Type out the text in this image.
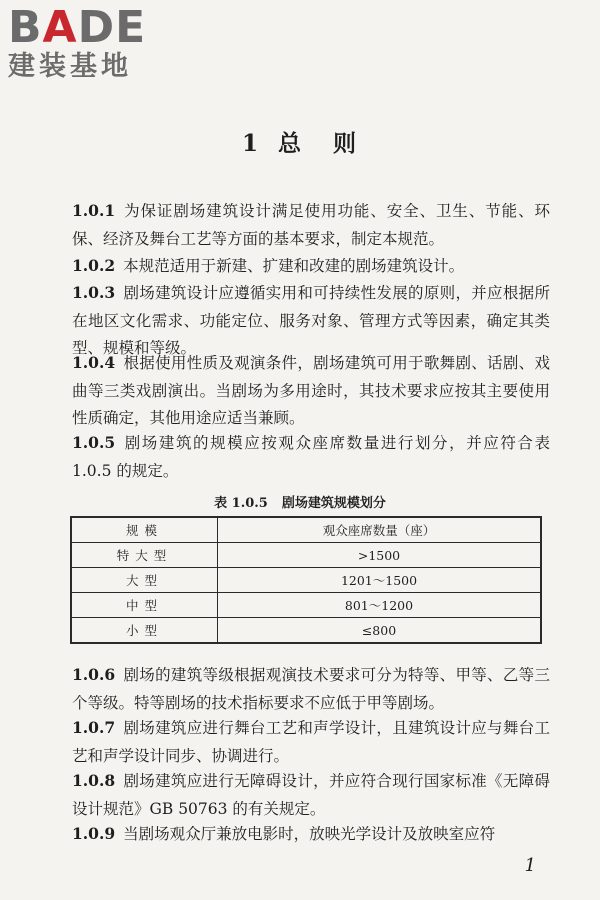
BADE
建装基地
1 总 则
1.0.1 为保证剧场建筑设计满足使用功能、安全、卫生、节能、环保、经济及舞台工艺等方面的基本要求，制定本规范。
1.0.2 本规范适用于新建、扩建和改建的剧场建筑设计。
1.0.3 剧场建筑设计应遵循实用和可持续性发展的原则，并应根据所在地区文化需求、功能定位、服务对象、管理方式等因素，确定其类型、规模和等级。
1.0.4 根据使用性质及观演条件，剧场建筑可用于歌舞剧、话剧、戏曲等三类戏剧演出。当剧场为多用途时，其技术要求应按其主要使用性质确定，其他用途应适当兼顾。
1.0.5 剧场建筑的规模应按观众座席数量进行划分，并应符合表 1.0.5 的规定。
表 1.0.5 剧场建筑规模划分
规模	观众座席数量（座）
特大型	>1500
大型	1201～1500
中型	801～1200
小型	≤800
1.0.6 剧场的建筑等级根据观演技术要求可分为特等、甲等、乙等三个等级。特等剧场的技术指标要求不应低于甲等剧场。
1.0.7 剧场建筑应进行舞台工艺和声学设计，且建筑设计应与舞台工艺和声学设计同步、协调进行。
1.0.8 剧场建筑应进行无障碍设计，并应符合现行国家标准《无障碍设计规范》GB 50763 的有关规定。
1.0.9 当剧场观众厅兼放电影时，放映光学设计及放映室应符
1
